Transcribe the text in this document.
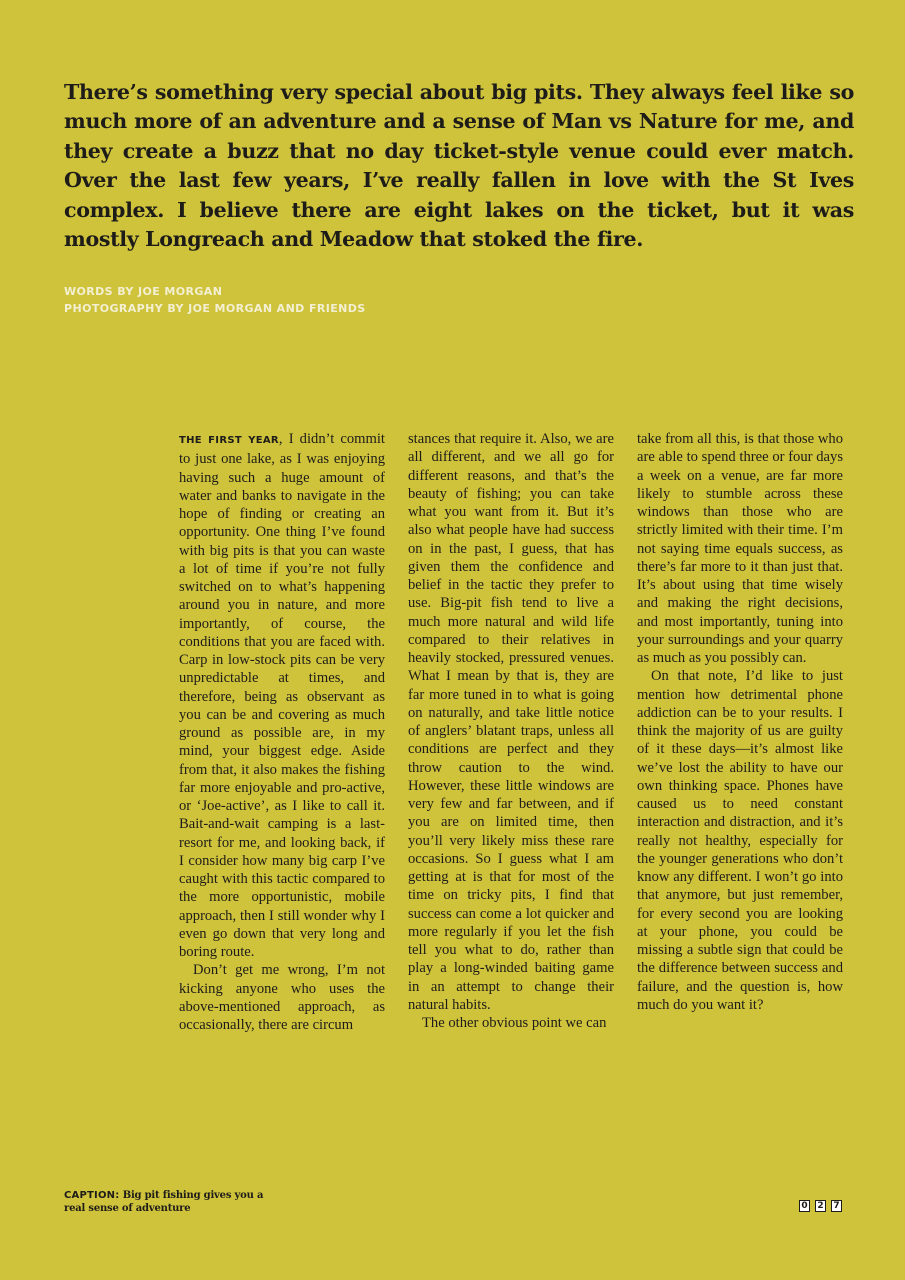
There’s something very special about big pits. They always feel like so much more of an adventure and a sense of Man vs Nature for me, and they create a buzz that no day ticket-style venue could ever match. Over the last few years, I’ve really fallen in love with the St Ives complex. I believe there are eight lakes on the ticket, but it was mostly Longreach and Meadow that stoked the fire.

WORDS BY JOE MORGAN
PHOTOGRAPHY BY JOE MORGAN AND FRIENDS

THE FIRST YEAR, I didn’t commit to just one lake, as I was enjoying having such a huge amount of water and banks to navigate in the hope of finding or creating an opportunity. One thing I’ve found with big pits is that you can waste a lot of time if you’re not fully switched on to what’s happening around you in nature, and more importantly, of course, the conditions that you are faced with. Carp in low-stock pits can be very unpredictable at times, and therefore, being as observant as you can be and covering as much ground as possible are, in my mind, your biggest edge. Aside from that, it also makes the fishing far more enjoyable and pro-active, or ‘Joe-active’, as I like to call it. Bait-and-wait camping is a last-resort for me, and looking back, if I consider how many big carp I’ve caught with this tactic compared to the more opportunistic, mobile approach, then I still wonder why I even go down that very long and boring route.

Don’t get me wrong, I’m not kicking anyone who uses the above-mentioned approach, as occasionally, there are circum

stances that require it. Also, we are all different, and we all go for different reasons, and that’s the beauty of fishing; you can take what you want from it. But it’s also what people have had success on in the past, I guess, that has given them the confidence and belief in the tactic they prefer to use. Big-pit fish tend to live a much more natural and wild life compared to their relatives in heavily stocked, pressured venues. What I mean by that is, they are far more tuned in to what is going on naturally, and take little notice of anglers’ blatant traps, unless all conditions are perfect and they throw caution to the wind. However, these little windows are very few and far between, and if you are on limited time, then you’ll very likely miss these rare occasions. So I guess what I am getting at is that for most of the time on tricky pits, I find that success can come a lot quicker and more regularly if you let the fish tell you what to do, rather than play a long-winded baiting game in an attempt to change their natural habits.

The other obvious point we can

take from all this, is that those who are able to spend three or four days a week on a venue, are far more likely to stumble across these windows than those who are strictly limited with their time. I’m not saying time equals success, as there’s far more to it than just that. It’s about using that time wisely and making the right decisions, and most importantly, tuning into your surroundings and your quarry as much as you possibly can.

On that note, I’d like to just mention how detrimental phone addiction can be to your results. I think the majority of us are guilty of it these days—it’s almost like we’ve lost the ability to have our own thinking space. Phones have caused us to need constant interaction and distraction, and it’s really not healthy, especially for the younger generations who don’t know any different. I won’t go into that anymore, but just remember, for every second you are looking at your phone, you could be missing a subtle sign that could be the difference between success and failure, and the question is, how much do you want it?

CAPTION: Big pit fishing gives you a real sense of adventure	0 2 7
